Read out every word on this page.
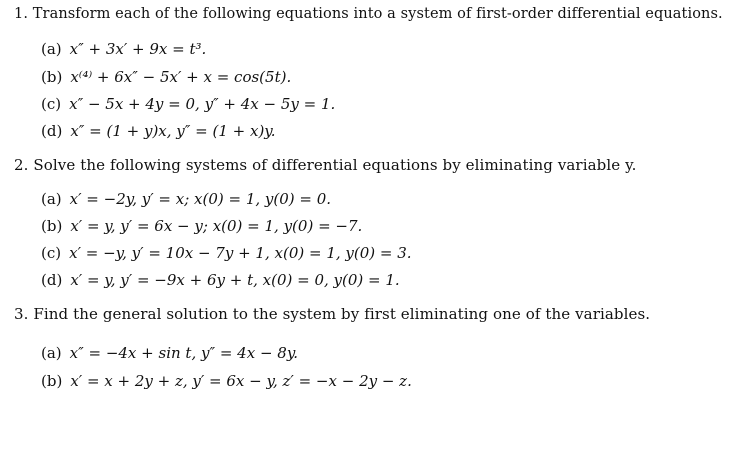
1. Transform each of the following equations into a system of first-order differential equations.
(a) x″ + 3x′ + 9x = t³.
(b) x⁽⁴⁾ + 6x″ − 5x′ + x = cos(5t).
(c) x″ − 5x + 4y = 0, y″ + 4x − 5y = 1.
(d) x″ = (1 + y)x, y″ = (1 + x)y.
2. Solve the following systems of differential equations by eliminating variable y.
(a) x′ = −2y, y′ = x; x(0) = 1, y(0) = 0.
(b) x′ = y, y′ = 6x − y; x(0) = 1, y(0) = −7.
(c) x′ = −y, y′ = 10x − 7y + 1, x(0) = 1, y(0) = 3.
(d) x′ = y, y′ = −9x + 6y + t, x(0) = 0, y(0) = 1.
3. Find the general solution to the system by first eliminating one of the variables.
(a) x″ = −4x + sin t, y″ = 4x − 8y.
(b) x′ = x + 2y + z, y′ = 6x − y, z′ = −x − 2y − z.
